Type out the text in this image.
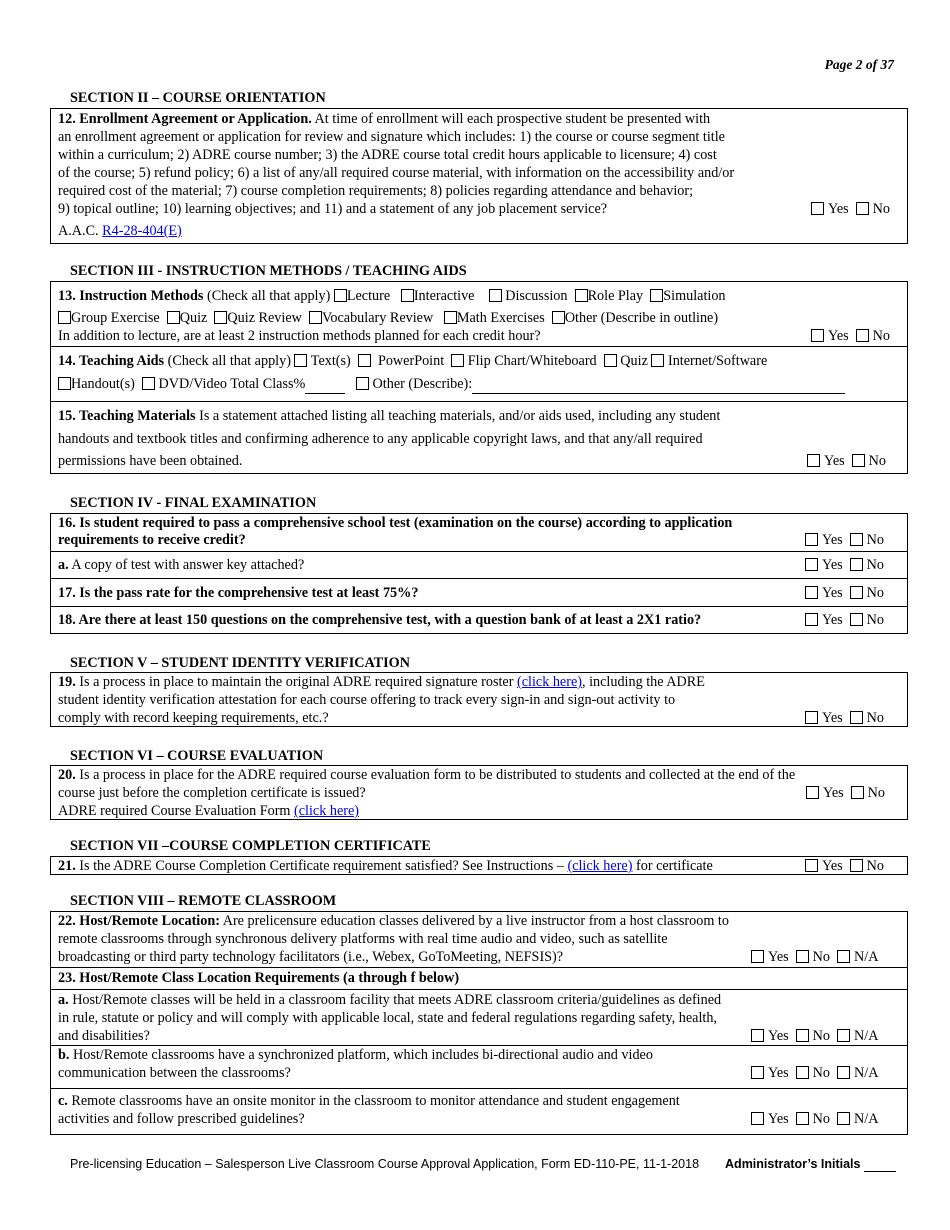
Page 2 of 37
SECTION II – COURSE ORIENTATION
12. Enrollment Agreement or Application. At time of enrollment will each prospective student be presented with
an enrollment agreement or application for review and signature which includes: 1) the course or course segment title
within a curriculum; 2) ADRE course number; 3) the ADRE course total credit hours applicable to licensure; 4) cost
of the course; 5) refund policy; 6) a list of any/all required course material, with information on the accessibility and/or
required cost of the material; 7) course completion requirements; 8) policies regarding attendance and behavior;
9) topical outline; 10) learning objectives; and 11) and a statement of any job placement service?	Yes No
A.A.C. R4-28-404(E)
SECTION III - INSTRUCTION METHODS / TEACHING AIDS
13. Instruction Methods (Check all that apply) Lecture Interactive Discussion Role Play Simulation
Group Exercise Quiz Quiz Review Vocabulary Review Math Exercises Other (Describe in outline)
In addition to lecture, are at least 2 instruction methods planned for each credit hour?	Yes No
14. Teaching Aids (Check all that apply)  Text(s) PowerPoint Flip Chart/Whiteboard Quiz Internet/Software
Handout(s) DVD/Video Total Class%	Other (Describe):
15. Teaching Materials Is a statement attached listing all teaching materials, and/or aids used, including any student
handouts and textbook titles and confirming adherence to any applicable copyright laws, and that any/all required
permissions have been obtained.	Yes No
SECTION IV - FINAL EXAMINATION
16. Is student required to pass a comprehensive school test (examination on the course) according to application
requirements to receive credit?	Yes No
a. A copy of test with answer key attached?	Yes No
17. Is the pass rate for the comprehensive test at least 75%?	Yes No
18. Are there at least 150 questions on the comprehensive test, with a question bank of at least a 2X1 ratio?	Yes No
SECTION V – STUDENT IDENTITY VERIFICATION
19. Is a process in place to maintain the original ADRE required signature roster (click here), including the ADRE
student identity verification attestation for each course offering to track every sign-in and sign-out activity to
comply with record keeping requirements, etc.?	Yes No
SECTION VI – COURSE EVALUATION
20. Is a process in place for the ADRE required course evaluation form to be distributed to students and collected at the end of the
course just before the completion certificate is issued?	Yes No
ADRE required Course Evaluation Form (click here)
SECTION VII –COURSE COMPLETION CERTIFICATE
21. Is the ADRE Course Completion Certificate requirement satisfied? See Instructions – (click here) for certificate	Yes No
SECTION VIII – REMOTE CLASSROOM
22. Host/Remote Location: Are prelicensure education classes delivered by a live instructor from a host classroom to
remote classrooms through synchronous delivery platforms with real time audio and video, such as satellite
broadcasting or third party technology facilitators (i.e., Webex, GoToMeeting, NEFSIS)?	Yes No N/A
23. Host/Remote Class Location Requirements (a through f below)
a. Host/Remote classes will be held in a classroom facility that meets ADRE classroom criteria/guidelines as defined
in rule, statute or policy and will comply with applicable local, state and federal regulations regarding safety, health,
and disabilities?	Yes No N/A
b. Host/Remote classrooms have a synchronized platform, which includes bi-directional audio and video
communication between the classrooms?	Yes No N/A
c. Remote classrooms have an onsite monitor in the classroom to monitor attendance and student engagement
activities and follow prescribed guidelines?	Yes No N/A
Pre-licensing Education – Salesperson Live Classroom Course Approval Application, Form ED-110-PE, 11-1-2018 Administrator’s Initials
